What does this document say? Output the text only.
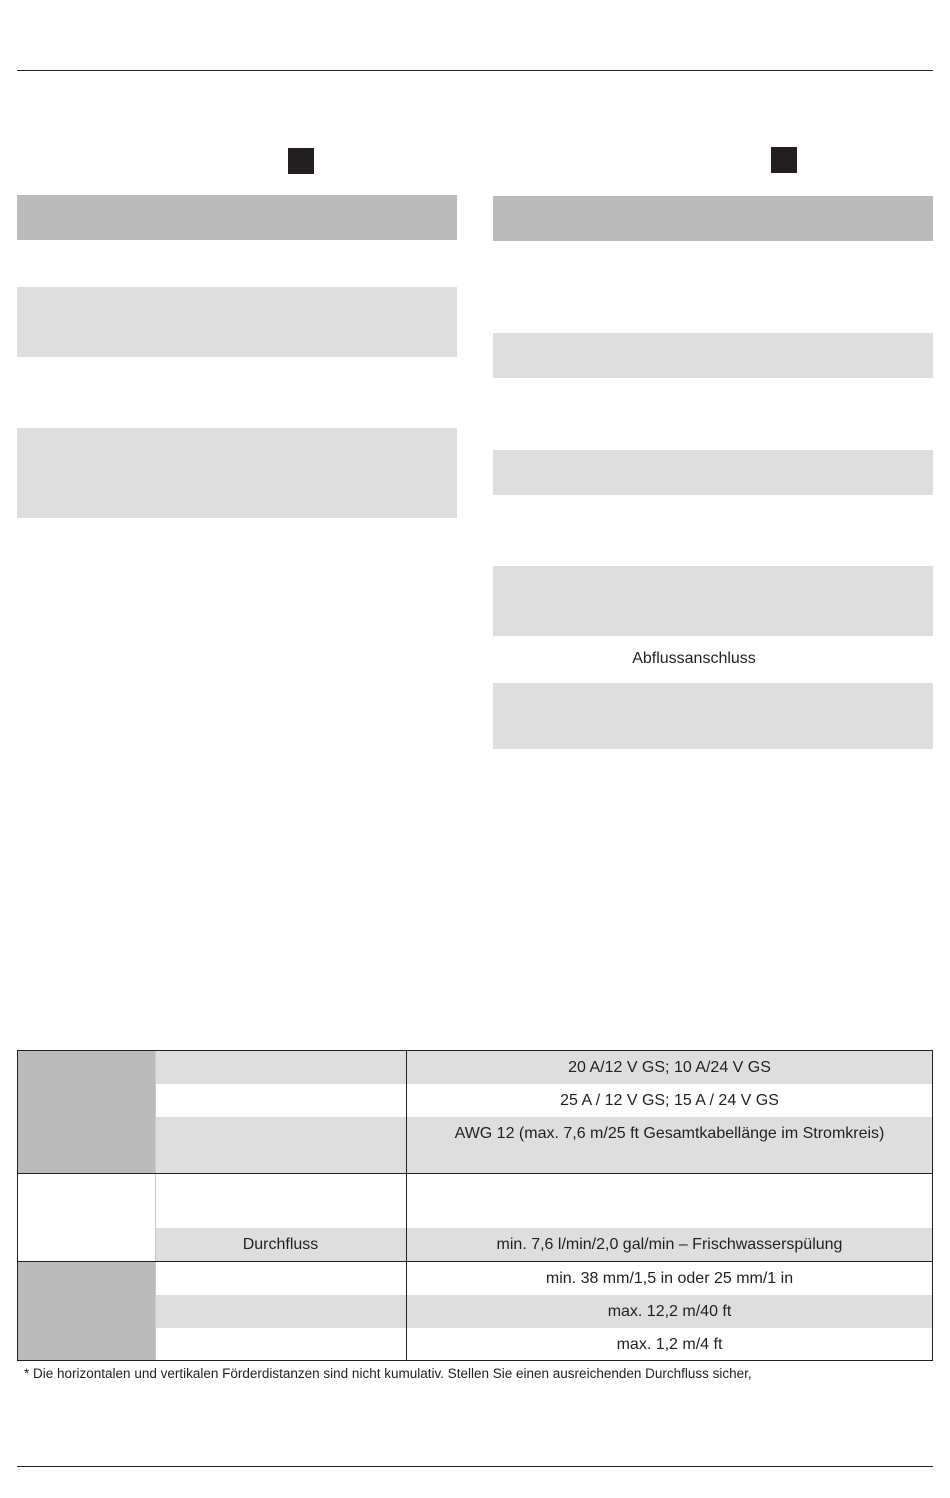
Abflussanschluss
20 A/12 V GS; 10 A/24 V GS
25 A / 12 V GS; 15 A / 24 V GS
AWG 12 (max. 7,6 m/25 ft Gesamtkabellänge im Stromkreis)
Durchfluss	min. 7,6 l/min/2,0 gal/min – Frischwasserspülung
min. 38 mm/1,5 in oder 25 mm/1 in
max. 12,2 m/40 ft
max. 1,2 m/4 ft
* Die horizontalen und vertikalen Förderdistanzen sind nicht kumulativ. Stellen Sie einen ausreichenden Durchfluss sicher,
